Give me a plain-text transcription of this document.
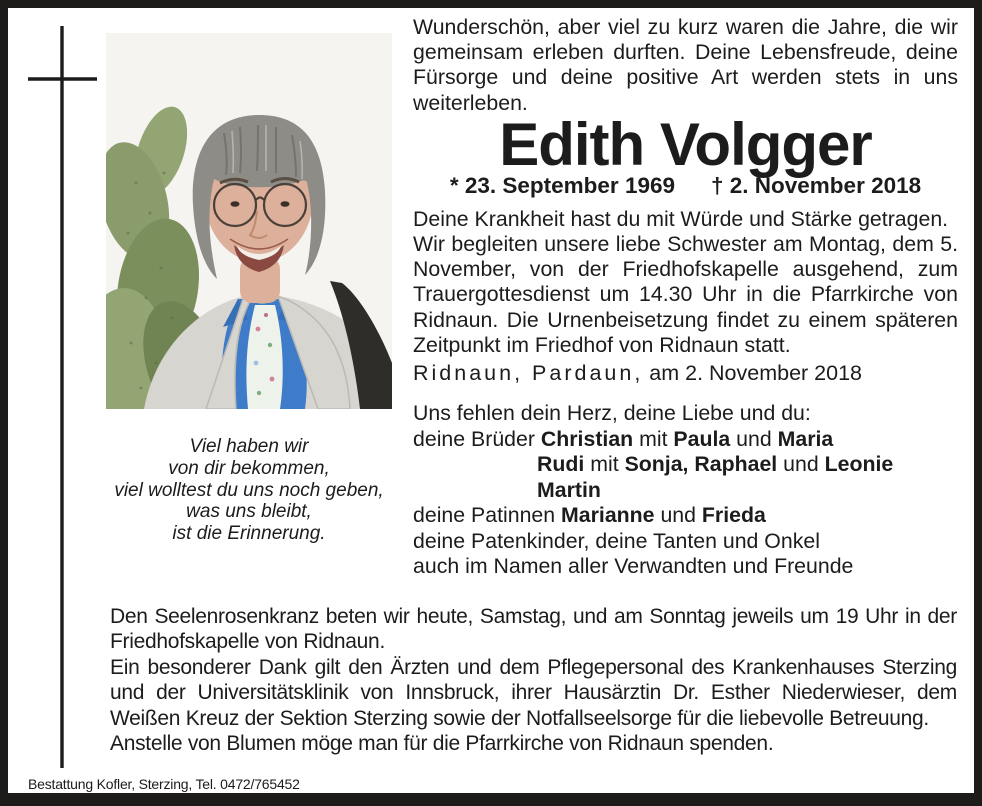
Wunderschön, aber viel zu kurz waren die Jahre, die wir gemeinsam erleben durften. Deine Lebensfreude, deine Fürsorge und deine positive Art werden stets in uns weiterleben.

Edith Volgger
* 23. September 1969 † 2. November 2018

Deine Krankheit hast du mit Würde und Stärke getragen.

Wir begleiten unsere liebe Schwester am Montag, dem 5. November, von der Friedhofskapelle ausgehend, zum Trauergottesdienst um 14.30 Uhr in die Pfarrkirche von Ridnaun. Die Urnenbeisetzung findet zu einem späteren Zeitpunkt im Friedhof von Ridnaun statt.

Ridnaun, Pardaun, am 2. November 2018
Uns fehlen dein Herz, deine Liebe und du:
deine Brüder Christian mit Paula und Maria
Rudi mit Sonja, Raphael und Leonie
Martin
deine Patinnen Marianne und Frieda
deine Patenkinder, deine Tanten und Onkel
auch im Namen aller Verwandten und Freunde
Viel haben wir
von dir bekommen,
viel wolltest du uns noch geben,
was uns bleibt,
ist die Erinnerung.

Den Seelenrosenkranz beten wir heute, Samstag, und am Sonntag jeweils um 19 Uhr in der Friedhofskapelle von Ridnaun.

Ein besonderer Dank gilt den Ärzten und dem Pflegepersonal des Krankenhauses Sterzing und der Universitätsklinik von Innsbruck, ihrer Hausärztin Dr. Esther Niederwieser, dem Weißen Kreuz der Sektion Sterzing sowie der Notfallseelsorge für die liebevolle Betreuung.

Anstelle von Blumen möge man für die Pfarrkirche von Ridnaun spenden.

Bestattung Kofler, Sterzing, Tel. 0472/765452
